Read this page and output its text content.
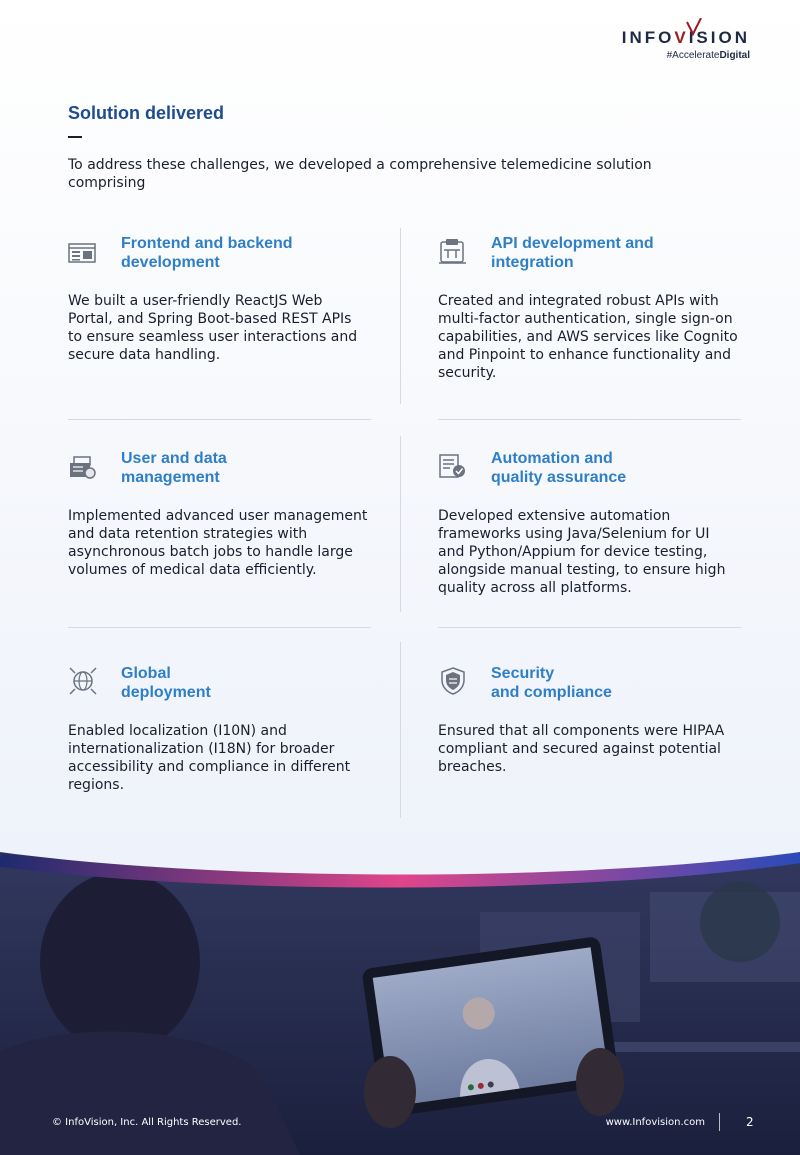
INFOVISION
#AccelerateDigital
Solution delivered
To address these challenges, we developed a comprehensive telemedicine solution comprising
Frontend and backend
development
We built a user-friendly ReactJS Web Portal, and Spring Boot-based REST APIs to ensure seamless user interactions and secure data handling.
API development and
integration
Created and integrated robust APIs with multi-factor authentication, single sign-on capabilities, and AWS services like Cognito and Pinpoint to enhance functionality and security.
User and data
management
Implemented advanced user management and data retention strategies with asynchronous batch jobs to handle large volumes of medical data efficiently.
Automation and
quality assurance
Developed extensive automation frameworks using Java/Selenium for UI and Python/Appium for device testing, alongside manual testing, to ensure high quality across all platforms.
Global
deployment
Enabled localization (I10N) and internationalization (I18N) for broader accessibility and compliance in different regions.
Security
and compliance
Ensured that all components were HIPAA compliant and secured against potential breaches.
© InfoVision, Inc. All Rights Reserved.	www.Infovision.com	2
